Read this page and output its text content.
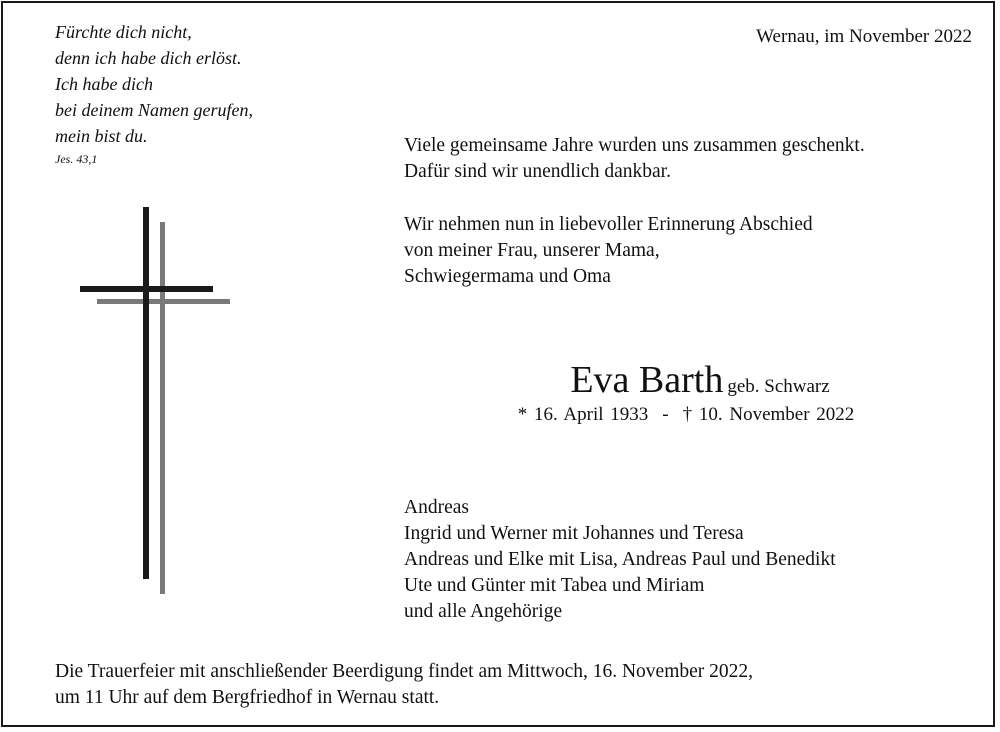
Fürchte dich nicht,
denn ich habe dich erlöst.
Ich habe dich
bei deinem Namen gerufen,
mein bist du.
Jes. 43,1
Wernau, im November 2022
Viele gemeinsame Jahre wurden uns zusammen geschenkt.
Dafür sind wir unendlich dankbar.
Wir nehmen nun in liebevoller Erinnerung Abschied
von meiner Frau, unserer Mama,
Schwiegermama und Oma
Eva Barth geb. Schwarz
* 16. April 1933 - † 10. November 2022
Andreas
Ingrid und Werner mit Johannes und Teresa
Andreas und Elke mit Lisa, Andreas Paul und Benedikt
Ute und Günter mit Tabea und Miriam
und alle Angehörige
Die Trauerfeier mit anschließender Beerdigung findet am Mittwoch, 16. November 2022,
um 11 Uhr auf dem Bergfriedhof in Wernau statt.
